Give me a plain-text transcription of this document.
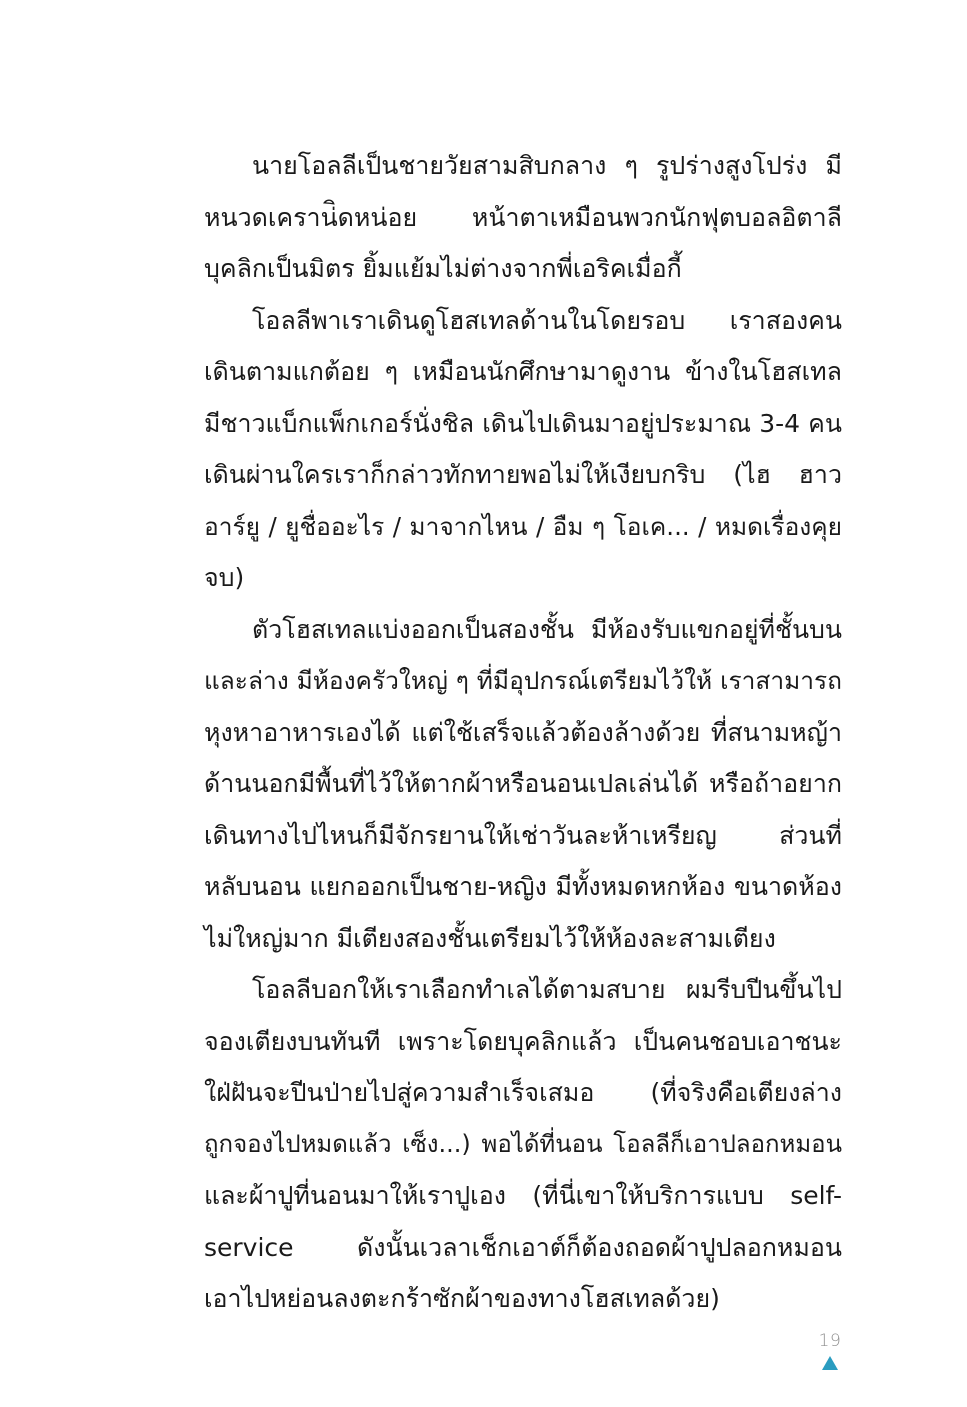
นายโอลลีเป็นชายวัยสามสิบกลาง ๆ รูปร่างสูงโปร่ง มี
หนวดเคราน่ิดหน่อย หน้าตาเหมือนพวกนักฟุตบอลอิตาลี
บุคลิกเป็นมิตร ยิ้มแย้มไม่ต่างจากพี่เอริคเมื่อกี้
โอลลีพาเราเดินดูโฮสเทลด้านในโดยรอบ เราสองคน
เดินตามแกต้อย ๆ เหมือนนักศึกษามาดูงาน ข้างในโฮสเทล
มีชาวแบ็กแพ็กเกอร์นั่งชิล เดินไปเดินมาอยู่ประมาณ 3-4 คน
เดินผ่านใครเราก็กล่าวทักทายพอไม่ให้เงียบกริบ (ไฮ ฮาว
อาร์ยู / ยูชื่ออะไร / มาจากไหน / อืม ๆ โอเค... / หมดเรื่องคุย
จบ)
ตัวโฮสเทลแบ่งออกเป็นสองชั้น มีห้องรับแขกอยู่ที่ชั้นบน
และล่าง มีห้องครัวใหญ่ ๆ ที่มีอุปกรณ์เตรียมไว้ให้ เราสามารถ
หุงหาอาหารเองได้ แต่ใช้เสร็จแล้วต้องล้างด้วย ที่สนามหญ้า
ด้านนอกมีพื้นที่ไว้ให้ตากผ้าหรือนอนเปลเล่นได้ หรือถ้าอยาก
เดินทางไปไหนก็มีจักรยานให้เช่าวันละห้าเหรียญ ส่วนที่
หลับนอน แยกออกเป็นชาย-หญิง มีทั้งหมดหกห้อง ขนาดห้อง
ไม่ใหญ่มาก มีเตียงสองชั้นเตรียมไว้ให้ห้องละสามเตียง
โอลลีบอกให้เราเลือกทำเลได้ตามสบาย ผมรีบปีนขึ้นไป
จองเตียงบนทันที เพราะโดยบุคลิกแล้ว เป็นคนชอบเอาชนะ
ใฝ่ฝันจะปีนป่ายไปสู่ความสำเร็จเสมอ (ที่จริงคือเตียงล่าง
ถูกจองไปหมดแล้ว เซ็ง...) พอได้ที่นอน โอลลีก็เอาปลอกหมอน
และผ้าปูที่นอนมาให้เราปูเอง (ที่นี่เขาให้บริการแบบ self-
service ดังนั้นเวลาเช็กเอาต์ก็ต้องถอดผ้าปูปลอกหมอน
เอาไปหย่อนลงตะกร้าซักผ้าของทางโฮสเทลด้วย)
19
